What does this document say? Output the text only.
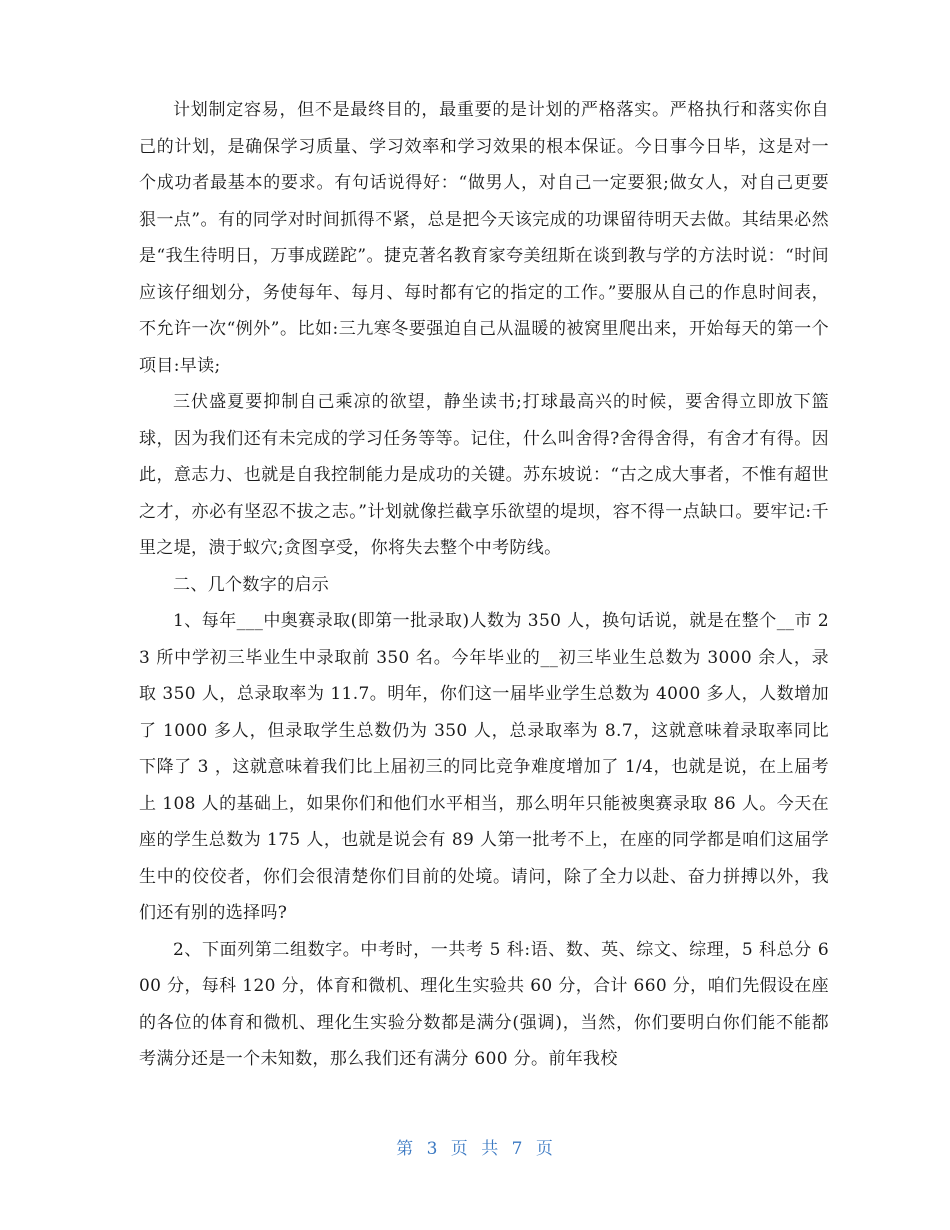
计划制定容易，但不是最终目的，最重要的是计划的严格落实。严格执行和落实你自己的计划，是确保学习质量、学习效率和学习效果的根本保证。今日事今日毕，这是对一个成功者最基本的要求。有句话说得好：“做男人，对自己一定要狠;做女人，对自己更要狠一点”。有的同学对时间抓得不紧，总是把今天该完成的功课留待明天去做。其结果必然是“我生待明日，万事成蹉跎”。捷克著名教育家夸美纽斯在谈到教与学的方法时说：“时间应该仔细划分，务使每年、每月、每时都有它的指定的工作。”要服从自己的作息时间表，不允许一次“例外”。比如:三九寒冬要强迫自己从温暖的被窝里爬出来，开始每天的第一个项目:早读;

三伏盛夏要抑制自己乘凉的欲望，静坐读书;打球最高兴的时候，要舍得立即放下篮球，因为我们还有未完成的学习任务等等。记住，什么叫舍得?舍得舍得，有舍才有得。因此，意志力、也就是自我控制能力是成功的关键。苏东坡说：“古之成大事者，不惟有超世之才，亦必有坚忍不拔之志。”计划就像拦截享乐欲望的堤坝，容不得一点缺口。要牢记:千里之堤，溃于蚁穴;贪图享受，你将失去整个中考防线。

二、几个数字的启示

1、每年___中奥赛录取(即第一批录取)人数为 350 人，换句话说，就是在整个__市 23 所中学初三毕业生中录取前 350 名。今年毕业的__初三毕业生总数为 3000 余人，录取 350 人，总录取率为 11.7。明年，你们这一届毕业学生总数为 4000 多人，人数增加了 1000 多人，但录取学生总数仍为 350 人，总录取率为 8.7，这就意味着录取率同比下降了 3 ，这就意味着我们比上届初三的同比竞争难度增加了 1/4，也就是说，在上届考上 108 人的基础上，如果你们和他们水平相当，那么明年只能被奥赛录取 86 人。今天在座的学生总数为 175 人，也就是说会有 89 人第一批考不上，在座的同学都是咱们这届学生中的佼佼者，你们会很清楚你们目前的处境。请问，除了全力以赴、奋力拼搏以外，我们还有别的选择吗?

2、下面列第二组数字。中考时，一共考 5 科:语、数、英、综文、综理，5 科总分 600 分，每科 120 分，体育和微机、理化生实验共 60 分，合计 660 分，咱们先假设在座的各位的体育和微机、理化生实验分数都是满分(强调)，当然，你们要明白你们能不能都考满分还是一个未知数，那么我们还有满分 600 分。前年我校

第 3 页 共 7 页
